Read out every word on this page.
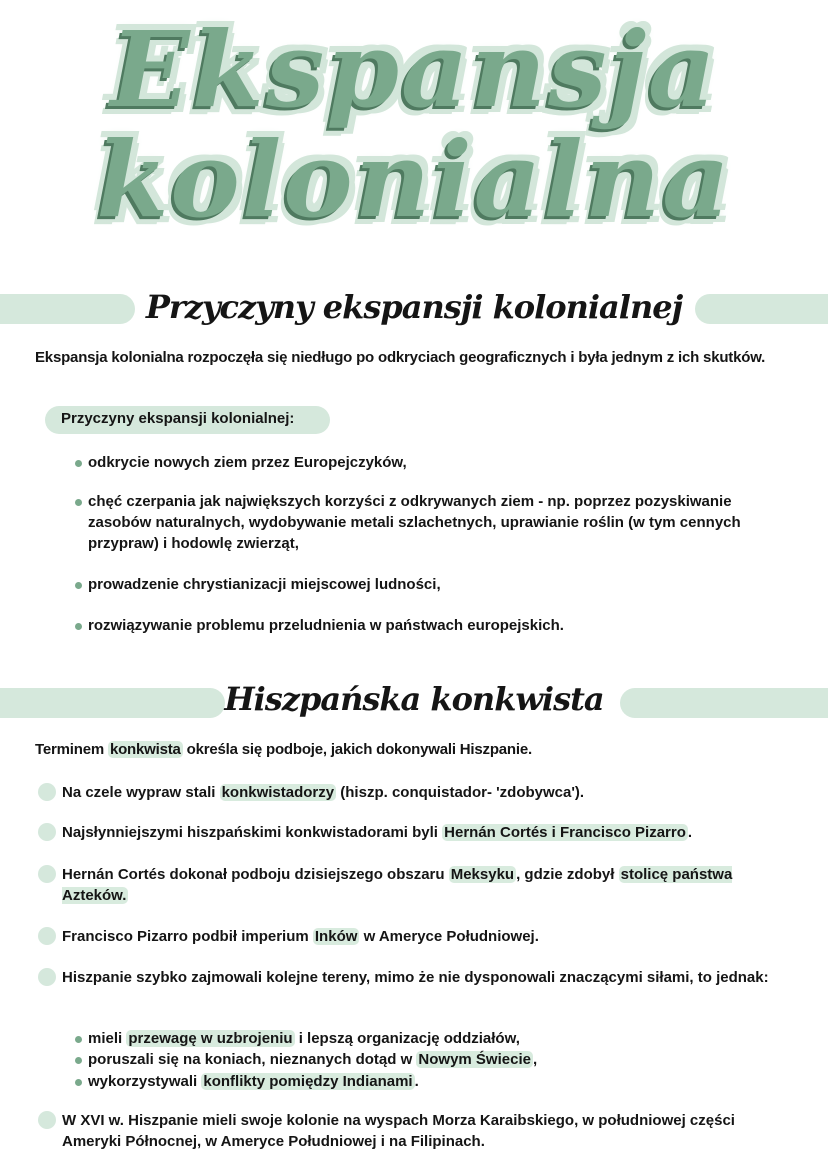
Ekspansja
kolonialna
Przyczyny ekspansji kolonialnej
Ekspansja kolonialna rozpoczęła się niedługo po odkryciach geograficznych i była jednym z ich skutków.
Przyczyny ekspansji kolonialnej:
odkrycie nowych ziem przez Europejczyków,
chęć czerpania jak największych korzyści z odkrywanych ziem - np. poprzez pozyskiwanie zasobów naturalnych, wydobywanie metali szlachetnych, uprawianie roślin (w tym cennych przypraw) i hodowlę zwierząt,
prowadzenie chrystianizacji miejscowej ludności,
rozwiązywanie problemu przeludnienia w państwach europejskich.
Hiszpańska konkwista
Terminem konkwista określa się podboje, jakich dokonywali Hiszpanie.
Na czele wypraw stali konkwistadorzy (hiszp. conquistador- 'zdobywca').
Najsłynniejszymi hiszpańskimi konkwistadorami byli Hernán Cortés i Francisco Pizarro .
Hernán Cortés dokonał podboju dzisiejszego obszaru Meksyku , gdzie zdobył stolicę państwa Azteków.
Francisco Pizarro podbił imperium Inków w Ameryce Południowej.
Hiszpanie szybko zajmowali kolejne tereny, mimo że nie dysponowali znaczącymi siłami, to jednak:
mieli przewagę w uzbrojeniu i lepszą organizację oddziałów,
poruszali się na koniach, nieznanych dotąd w Nowym Świecie ,
wykorzystywali konflikty pomiędzy Indianami .
W XVI w. Hiszpanie mieli swoje kolonie na wyspach Morza Karaibskiego, w południowej części Ameryki Północnej, w Ameryce Południowej i na Filipinach.
